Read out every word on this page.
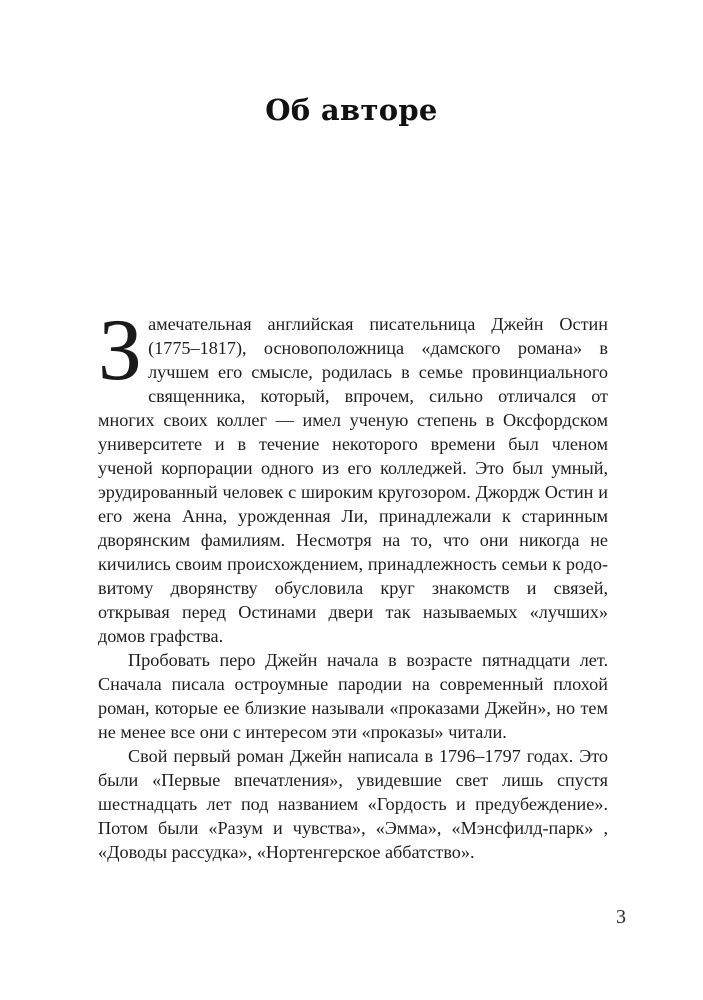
Об авторе

Замечательная английская писательница Джейн Остин (1775–1817), основоположница «дамского романа» в лучшем его смысле, родилась в семье провинциального священника, который, впрочем, сильно отличался от многих своих коллег — имел ученую степень в Оксфордском университете и в течение некоторого времени был членом ученой корпорации одного из его колледжей. Это был умный, эрудированный человек с широким кругозором. Джордж Остин и его жена Анна, урожденная Ли, принадлежали к старинным дворянским фамилиям. Несмотря на то, что они никогда не кичились своим происхождением, принадлежность семьи к родовитому дворянству обусловила круг знакомств и связей, открывая перед Остинами двери так называемых «лучших» домов графства.

Пробовать перо Джейн начала в возрасте пятнадцати лет. Сначала писала остроумные пародии на современный плохой роман, которые ее близкие называли «проказами Джейн», но тем не менее все они с интересом эти «проказы» читали.

Свой первый роман Джейн написала в 1796–1797 годах. Это были «Первые впечатления», увидевшие свет лишь спустя шестнадцать лет под названием «Гордость и предубеждение». Потом были «Разум и чувства», «Эмма», «Мэнсфилд-парк» , «Доводы рассудка», «Нортенгерское аббатство».

3
